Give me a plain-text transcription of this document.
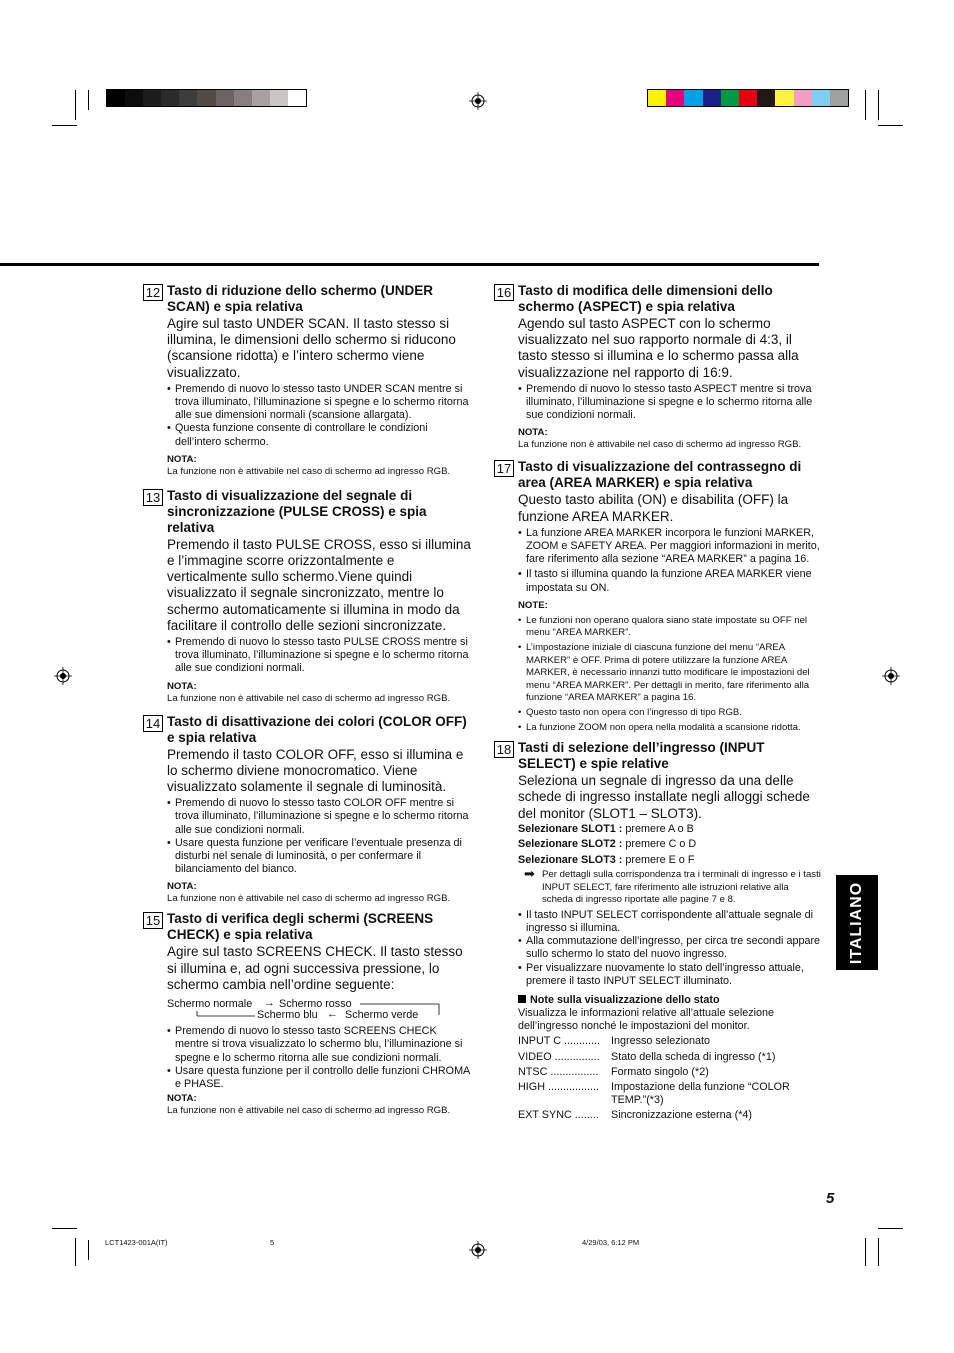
12 Tasto di riduzione dello schermo (UNDER SCAN) e spia relativa
Agire sul tasto UNDER SCAN. Il tasto stesso si illumina, le dimensioni dello schermo si riducono (scansione ridotta) e l’intero schermo viene visualizzato.
• Premendo di nuovo lo stesso tasto UNDER SCAN mentre si trova illuminato, l’illuminazione si spegne e lo schermo ritorna alle sue dimensioni normali (scansione allargata).
• Questa funzione consente di controllare le condizioni dell’intero schermo.
NOTA:
La funzione non è attivabile nel caso di schermo ad ingresso RGB.
13 Tasto di visualizzazione del segnale di sincronizzazione (PULSE CROSS) e spia relativa
Premendo il tasto PULSE CROSS, esso si illumina e l’immagine scorre orizzontalmente e verticalmente sullo schermo.Viene quindi visualizzato il segnale sincronizzato, mentre lo schermo automaticamente si illumina in modo da facilitare il controllo delle sezioni sincronizzate.
• Premendo di nuovo lo stesso tasto PULSE CROSS mentre si trova illuminato, l’illuminazione si spegne e lo schermo ritorna alle sue condizioni normali.
NOTA:
La funzione non è attivabile nel caso di schermo ad ingresso RGB.
14 Tasto di disattivazione dei colori (COLOR OFF) e spia relativa
Premendo il tasto COLOR OFF, esso si illumina e lo schermo diviene monocromatico. Viene visualizzato solamente il segnale di luminosità.
• Premendo di nuovo lo stesso tasto COLOR OFF mentre si trova illuminato, l’illuminazione si spegne e lo schermo ritorna alle sue condizioni normali.
• Usare questa funzione per verificare l’eventuale presenza di disturbi nel senale di luminosità, o per confermare il bilanciamento del bianco.
NOTA:
La funzione non è attivabile nel caso di schermo ad ingresso RGB.
15 Tasto di verifica degli schermi (SCREENS CHECK) e spia relativa
Agire sul tasto SCREENS CHECK. Il tasto stesso si illumina e, ad ogni successiva pressione, lo schermo cambia nell’ordine seguente:
Schermo normale → Schermo rosso
Schermo blu ← Schermo verde
• Premendo di nuovo lo stesso tasto SCREENS CHECK mentre si trova visualizzato lo schermo blu, l’illuminazione si spegne e lo schermo ritorna alle sue condizioni normali.
• Usare questa funzione per il controllo delle funzioni CHROMA e PHASE.
NOTA:
La funzione non è attivabile nel caso di schermo ad ingresso RGB.
16 Tasto di modifica delle dimensioni dello schermo (ASPECT) e spia relativa
Agendo sul tasto ASPECT con lo schermo visualizzato nel suo rapporto normale di 4:3, il tasto stesso si illumina e lo schermo passa alla visualizzazione nel rapporto di 16:9.
• Premendo di nuovo lo stesso tasto ASPECT mentre si trova illuminato, l’illuminazione si spegne e lo schermo ritorna alle sue condizioni normali.
NOTA:
La funzione non è attivabile nel caso di schermo ad ingresso RGB.
17 Tasto di visualizzazione del contrassegno di area (AREA MARKER) e spia relativa
Questo tasto abilita (ON) e disabilita (OFF) la funzione AREA MARKER.
• La funzione AREA MARKER incorpora le funzioni MARKER, ZOOM e SAFETY AREA. Per maggiori informazioni in merito, fare riferimento alla sezione “AREA MARKER” a pagina 16.
• Il tasto si illumina quando la funzione AREA MARKER viene impostata su ON.
NOTE:
• Le funzioni non operano qualora siano state impostate su OFF nel menu “AREA MARKER”.
• L’impostazione iniziale di ciascuna funzione del menu “AREA MARKER” è OFF. Prima di potere utilizzare la funzione AREA MARKER, è necessario innanzi tutto modificare le impostazioni del menu “AREA MARKER”. Per dettagli in merito, fare riferimento alla funzione “AREA MARKER” a pagina 16.
• Questo tasto non opera con l’ingresso di tipo RGB.
• La funzione ZOOM non opera nella modalità a scansione ridotta.
18 Tasti di selezione dell’ingresso (INPUT SELECT) e spie relative
Seleziona un segnale di ingresso da una delle schede di ingresso installate negli alloggi schede del monitor (SLOT1 – SLOT3).
Selezionare SLOT1 : premere A o B
Selezionare SLOT2 : premere C o D
Selezionare SLOT3 : premere E o F
➡ Per dettagli sulla corrispondenza tra i terminali di ingresso e i tasti INPUT SELECT, fare riferimento alle istruzioni relative alla scheda di ingresso riportate alle pagine 7 e 8.
• Il tasto INPUT SELECT corrispondente all’attuale segnale di ingresso si illumina.
• Alla commutazione dell’ingresso, per circa tre secondi appare sullo schermo lo stato del nuovo ingresso.
• Per visualizzare nuovamente lo stato dell’ingresso attuale, premere il tasto INPUT SELECT illuminato.
Note sulla visualizzazione dello stato
Visualizza le informazioni relative all’attuale selezione dell’ingresso nonché le impostazioni del monitor.
INPUT C ............	Ingresso selezionato
VIDEO ...............	Stato della scheda di ingresso (*1)
NTSC ................	Formato singolo (*2)
HIGH .................	Impostazione della funzione “COLOR TEMP.”(*3)
EXT SYNC ........	Sincronizzazione esterna (*4)
ITALIANO
5
LCT1423-001A(IT)	5	4/29/03, 6:12 PM
